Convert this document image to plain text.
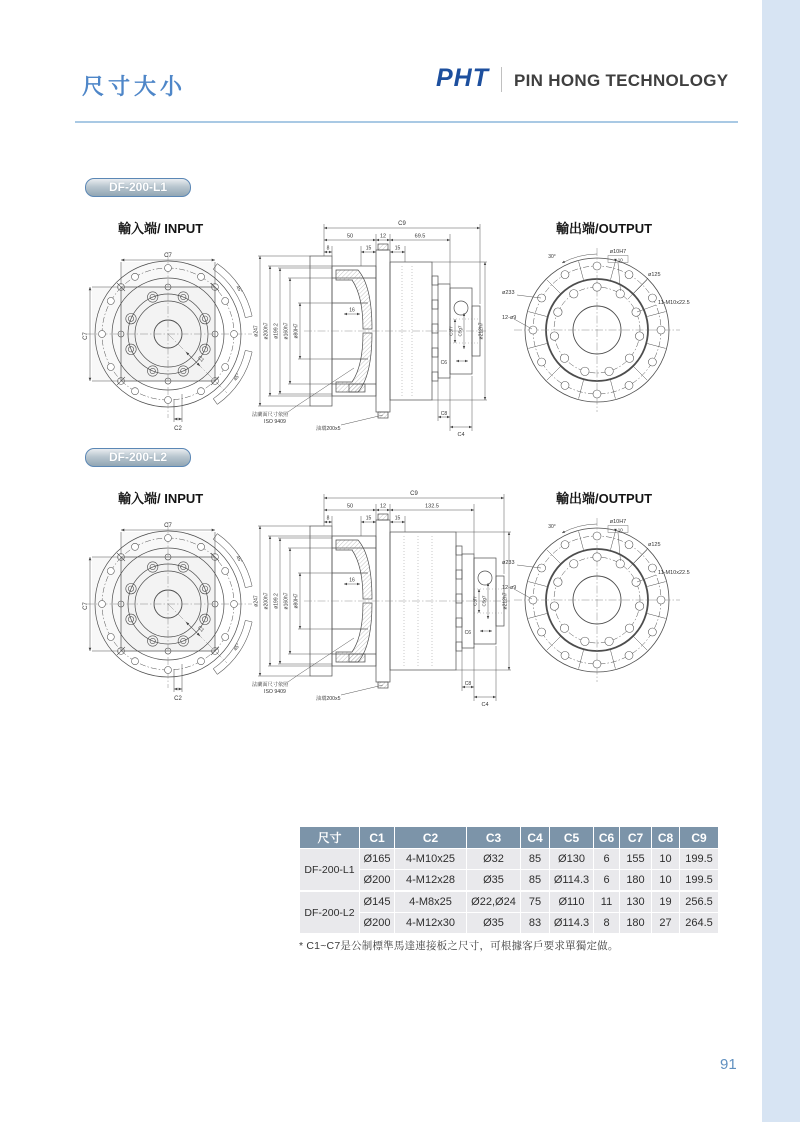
尺寸大小	PHT PIN HONG TECHNOLOGY
DF-200-L1
輸入端/ INPUT	輸出端/OUTPUT
DF-200-L2
輸入端/ INPUT	輸出端/OUTPUT
C7
C7
C1
C2
45°
45°
C9
50	12	69.5
8	15	15
ø247 ø200h7 ø199.2 ø160h7 ø80H7
16
C3f7 C5g7	ø212h7
C6
C8
C4
法蘭面尺寸依照
ISO 9409
油環200x5
30°
ø10H7
▼10
ø125
11-M10x22.5
ø233
12-ø9
C7
C7
C1
C2
45°
45°
C9
50	12	132.5
8	15	15
ø247 ø200h7 ø199.2 ø160h7 ø80H7
16
C3f7 C5g7	ø212h7
C6
C8
C4
法蘭面尺寸依照
ISO 9409
油環200x5
30°
ø10H7
▼10
ø125
11-M10x22.5
ø233
12-ø9
尺寸	C1	C2	C3	C4	C5	C6	C7	C8	C9
DF-200-L1	Ø165	4-M10x25	Ø32	85	Ø130	6	155	10	199.5
	Ø200	4-M12x28	Ø35	85	Ø114.3	6	180	10	199.5
DF-200-L2	Ø145	4-M8x25	Ø22,Ø24	75	Ø110	11	130	19	256.5
	Ø200	4-M12x30	Ø35	83	Ø114.3	8	180	27	264.5
* C1~C7是公制標準馬達連接板之尺寸，可根據客戶要求單獨定做。
91
